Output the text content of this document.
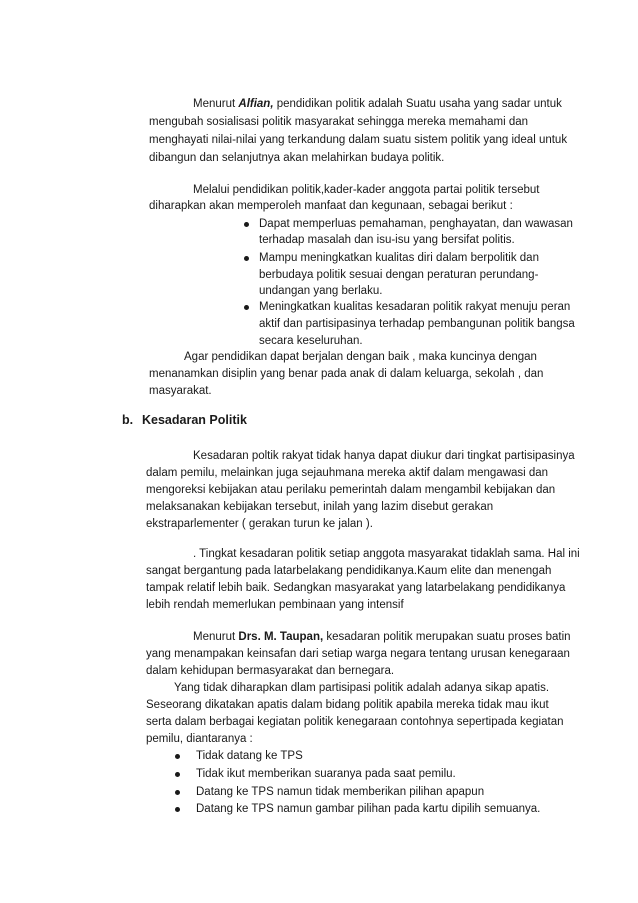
Menurut Alfian, pendidikan politik adalah Suatu usaha yang sadar untuk
mengubah sosialisasi politik masyarakat sehingga mereka memahami dan
menghayati nilai-nilai yang terkandung dalam suatu sistem politik yang ideal untuk
dibangun dan selanjutnya akan melahirkan budaya politik.
Melalui pendidikan politik,kader-kader anggota partai politik tersebut
diharapkan akan memperoleh manfaat dan kegunaan, sebagai berikut :
Dapat memperluas pemahaman, penghayatan, dan wawasan
terhadap masalah dan isu-isu yang bersifat politis.
Mampu meningkatkan kualitas diri dalam berpolitik dan
berbudaya politik sesuai dengan peraturan perundang-
undangan yang berlaku.
Meningkatkan kualitas kesadaran politik rakyat menuju peran
aktif dan partisipasinya terhadap pembangunan politik bangsa
secara keseluruhan.
Agar pendidikan dapat berjalan dengan baik , maka kuncinya dengan
menanamkan disiplin yang benar pada anak di dalam keluarga, sekolah , dan
masyarakat.
b. Kesadaran Politik
Kesadaran poltik rakyat tidak hanya dapat diukur dari tingkat partisipasinya
dalam pemilu, melainkan juga sejauhmana mereka aktif dalam mengawasi dan
mengoreksi kebijakan atau perilaku pemerintah dalam mengambil kebijakan dan
melaksanakan kebijakan tersebut, inilah yang lazim disebut gerakan
ekstraparlementer ( gerakan turun ke jalan ).
. Tingkat kesadaran politik setiap anggota masyarakat tidaklah sama. Hal ini
sangat bergantung pada latarbelakang pendidikanya.Kaum elite dan menengah
tampak relatif lebih baik. Sedangkan masyarakat yang latarbelakang pendidikanya
lebih rendah memerlukan pembinaan yang intensif
Menurut Drs. M. Taupan, kesadaran politik merupakan suatu proses batin
yang menampakan keinsafan dari setiap warga negara tentang urusan kenegaraan
dalam kehidupan bermasyarakat dan bernegara.
Yang tidak diharapkan dlam partisipasi politik adalah adanya sikap apatis.
Seseorang dikatakan apatis dalam bidang politik apabila mereka tidak mau ikut
serta dalam berbagai kegiatan politik kenegaraan contohnya sepertipada kegiatan
pemilu, diantaranya :
Tidak datang ke TPS
Tidak ikut memberikan suaranya pada saat pemilu.
Datang ke TPS namun tidak memberikan pilihan apapun
Datang ke TPS namun gambar pilihan pada kartu dipilih semuanya.
